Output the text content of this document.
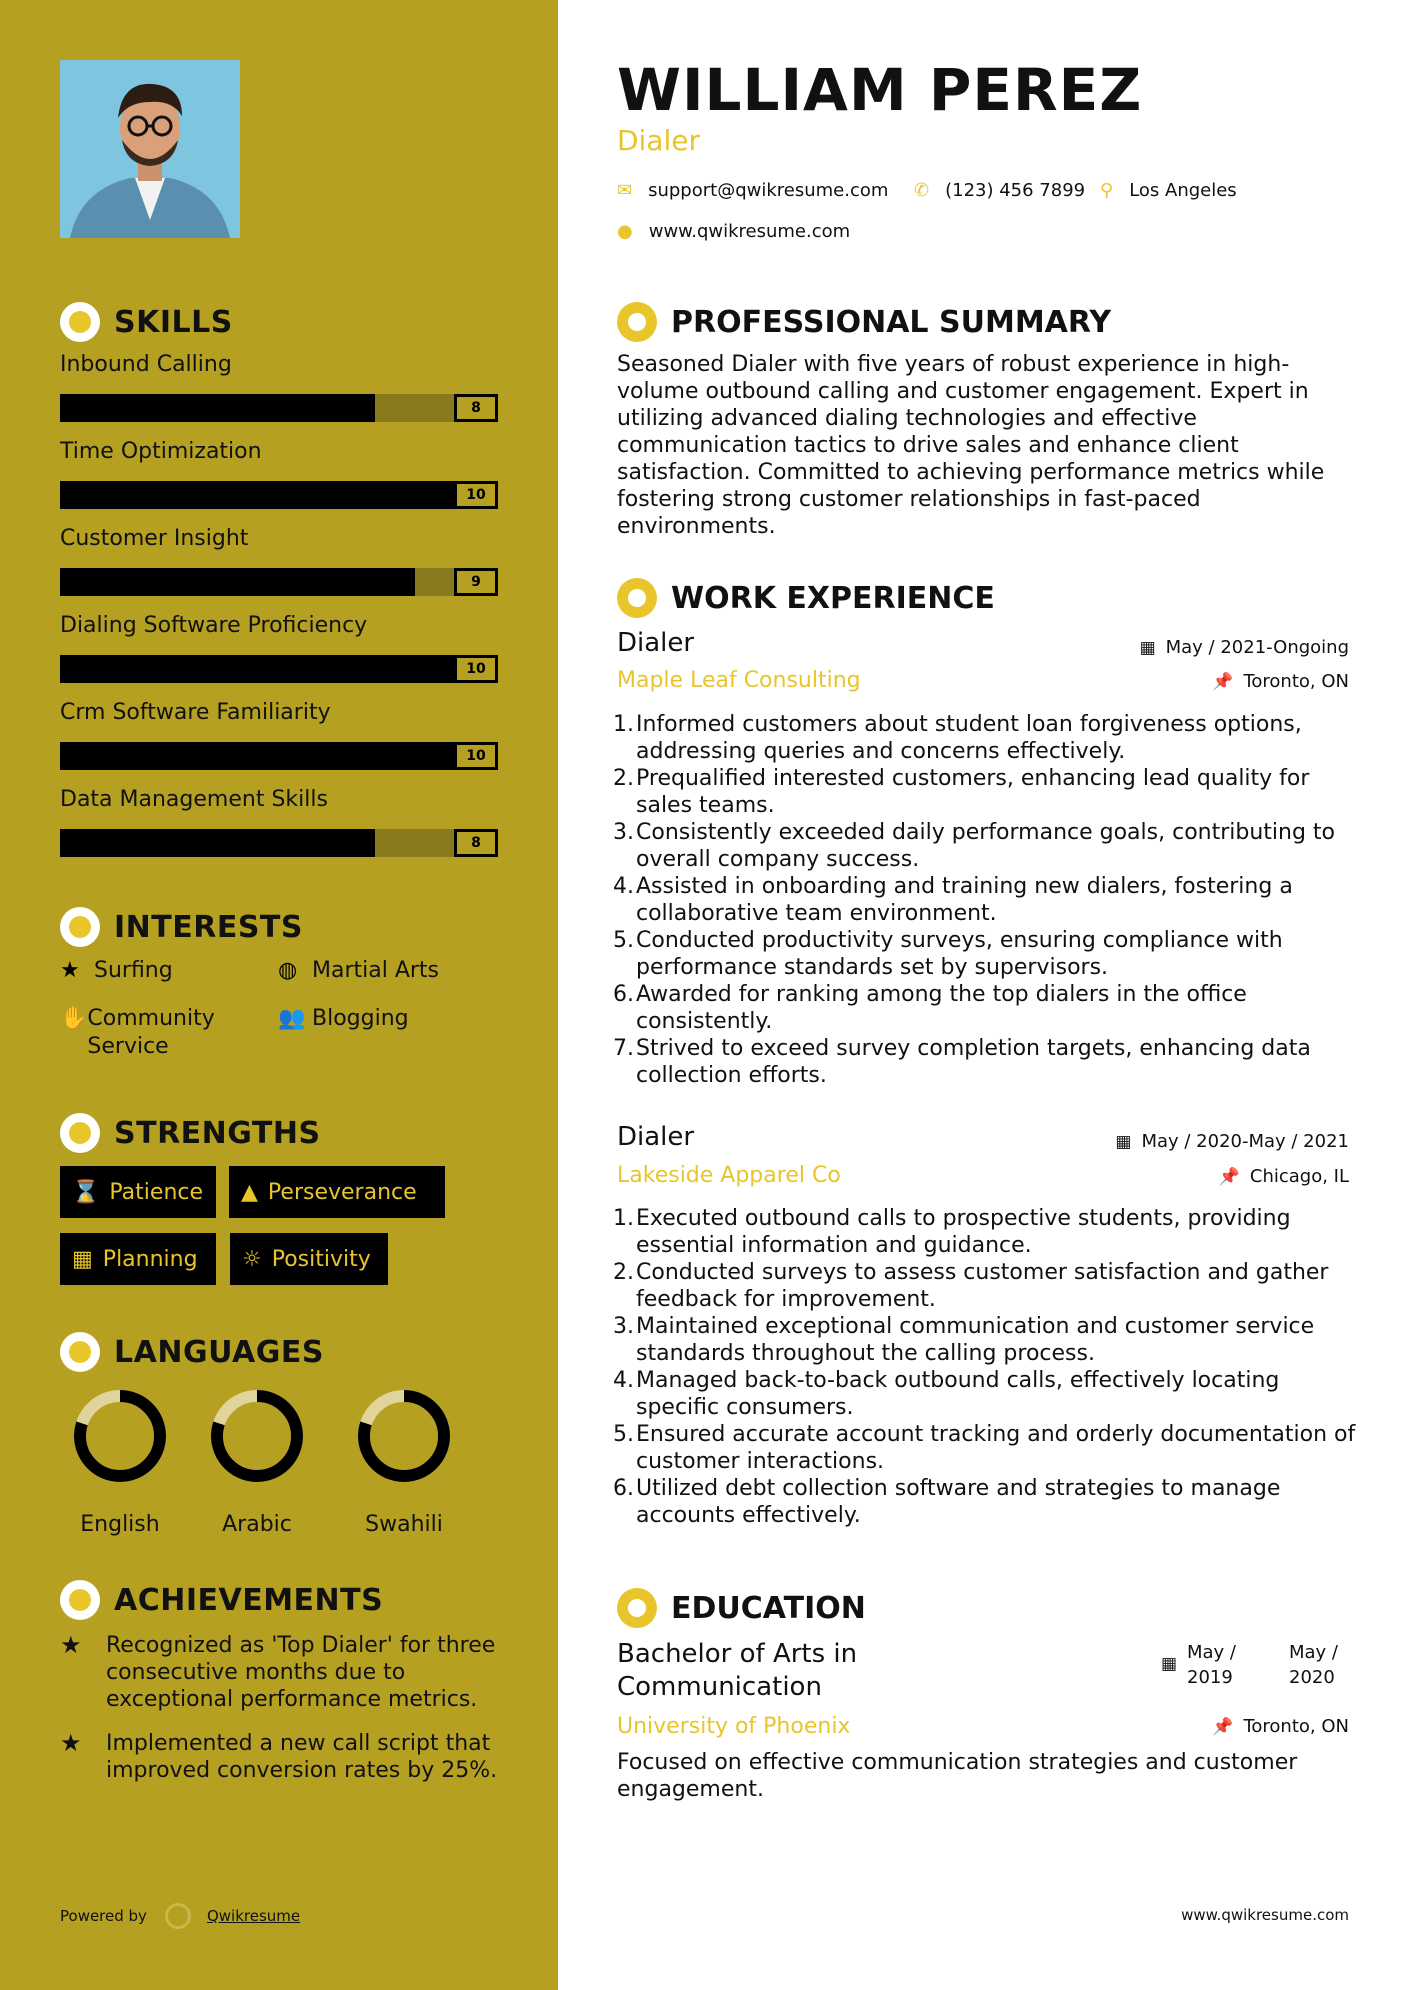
SKILLS
Inbound Calling
8
Time Optimization
10
Customer Insight
9
Dialing Software Proficiency
10
Crm Software Familiarity
10
Data Management Skills
8
INTERESTS
★ Surfing	◍ Martial Arts
✋ Community Service
👥 Blogging
STRENGTHS
⌛ Patience ▲ Perseverance
▦ Planning ☼ Positivity
LANGUAGES
English	Arabic	Swahili
ACHIEVEMENTS
★	Recognized as 'Top Dialer' for three consecutive months due to exceptional performance metrics.
★	Implemented a new call script that improved conversion rates by 25%.
Powered by	Qwikresume
WILLIAM PEREZ
Dialer
✉ support@qwikresume.com ✆ (123) 456 7899 ⚲ Los Angeles
● www.qwikresume.com
PROFESSIONAL SUMMARY
Seasoned Dialer with five years of robust experience in high-volume outbound calling and customer engagement. Expert in utilizing advanced dialing technologies and effective communication tactics to drive sales and enhance client satisfaction. Committed to achieving performance metrics while fostering strong customer relationships in fast-paced environments.
WORK EXPERIENCE
Dialer	▦ May / 2021-Ongoing
Maple Leaf Consulting	📌 Toronto, ON
1. Informed customers about student loan forgiveness options, addressing queries and concerns effectively.
2. Prequalified interested customers, enhancing lead quality for sales teams.
3. Consistently exceeded daily performance goals, contributing to overall company success.
4. Assisted in onboarding and training new dialers, fostering a collaborative team environment.
5. Conducted productivity surveys, ensuring compliance with performance standards set by supervisors.
6. Awarded for ranking among the top dialers in the office consistently.
7. Strived to exceed survey completion targets, enhancing data collection efforts.
Dialer	▦ May / 2020-May / 2021
Lakeside Apparel Co	📌 Chicago, IL
1. Executed outbound calls to prospective students, providing essential information and guidance.
2. Conducted surveys to assess customer satisfaction and gather feedback for improvement.
3. Maintained exceptional communication and customer service standards throughout the calling process.
4. Managed back-to-back outbound calls, effectively locating specific consumers.
5. Ensured accurate account tracking and orderly documentation of customer interactions.
6. Utilized debt collection software and strategies to manage accounts effectively.
EDUCATION
Bachelor of Arts in
Communication
▦
May /
2019
May /
2020
University of Phoenix	📌 Toronto, ON
Focused on effective communication strategies and customer engagement.
www.qwikresume.com
